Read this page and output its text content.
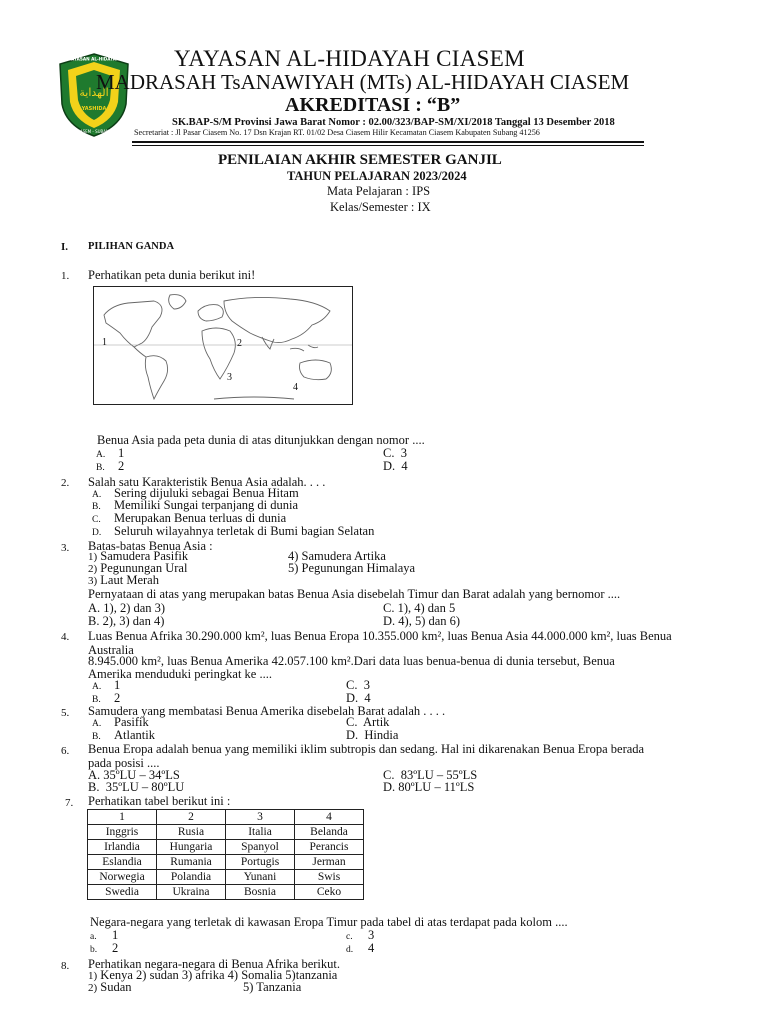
الهداية
YAYASAN AL-HIDAYAH
YASHIDA
CIASEM - SUBANG
YAYASAN AL-HIDAYAH CIASEM
MADRASAH TsANAWIYAH (MTs) AL-HIDAYAH CIASEM
AKREDITASI : “B”
SK.BAP-S/M Provinsi Jawa Barat Nomor : 02.00/323/BAP-SM/XI/2018 Tanggal 13 Desember 2018
Secretariat : Jl Pasar Ciasem No. 17 Dsn Krajan RT. 01/02 Desa Ciasem Hilir Kecamatan Ciasem Kabupaten Subang 41256
PENILAIAN AKHIR SEMESTER GANJIL
TAHUN PELAJARAN 2023/2024
Mata Pelajaran : IPS
Kelas/Semester : IX
I. PILIHAN GANDA
1. Perhatikan peta dunia berikut ini!
1	2
3
4
Benua Asia pada peta dunia di atas ditunjukkan dengan nomor ....
A. 1	C. 3
B. 2	D. 4
2. Salah satu Karakteristik Benua Asia adalah. . . .
A. Sering dijuluki sebagai Benua Hitam
B. Memiliki Sungai terpanjang di dunia
C. Merupakan Benua terluas di dunia
D. Seluruh wilayahnya terletak di Bumi bagian Selatan
3. Batas-batas Benua Asia :
1) Samudera Pasifik	4) Samudera Artika
2) Pegunungan Ural	5) Pegunungan Himalaya
3) Laut Merah
Pernyataan di atas yang merupakan batas Benua Asia disebelah Timur dan Barat adalah yang bernomor ....
A. 1), 2) dan 3)	C. 1), 4) dan 5
B. 2), 3) dan 4)	D. 4), 5) dan 6)
4. Luas Benua Afrika 30.290.000 km², luas Benua Eropa 10.355.000 km², luas Benua Asia 44.000.000 km², luas Benua Australia
8.945.000 km², luas Benua Amerika 42.057.100 km².Dari data luas benua-benua di dunia tersebut, Benua
Amerika menduduki peringkat ke ....
A. 1	C. 3
B. 2	D. 4
5. Samudera yang membatasi Benua Amerika disebelah Barat adalah . . . .
A. Pasifik	C. Artik
B. Atlantik	D. Hindia
6. Benua Eropa adalah benua yang memiliki iklim subtropis dan sedang. Hal ini dikarenakan Benua Eropa berada
pada posisi ....
A. 35ºLU – 34ºLS	C. 83ºLU – 55ºLS
B. 35ºLU – 80ºLU	D. 80ºLU – 11ºLS
7. Perhatikan tabel berikut ini :
1	2	3	4
Inggris	Rusia	Italia	Belanda
Irlandia	Hungaria	Spanyol	Perancis
Eslandia	Rumania	Portugis	Jerman
Norwegia	Polandia	Yunani	Swis
Swedia	Ukraina	Bosnia	Ceko
Negara-negara yang terletak di kawasan Eropa Timur pada tabel di atas terdapat pada kolom ....
a. 1	c. 3
b. 2	d. 4
8. Perhatikan negara-negara di Benua Afrika berikut.
1) Kenya 2) sudan 3) afrika 4) Somalia 5)tanzania
2) Sudan	5) Tanzania
